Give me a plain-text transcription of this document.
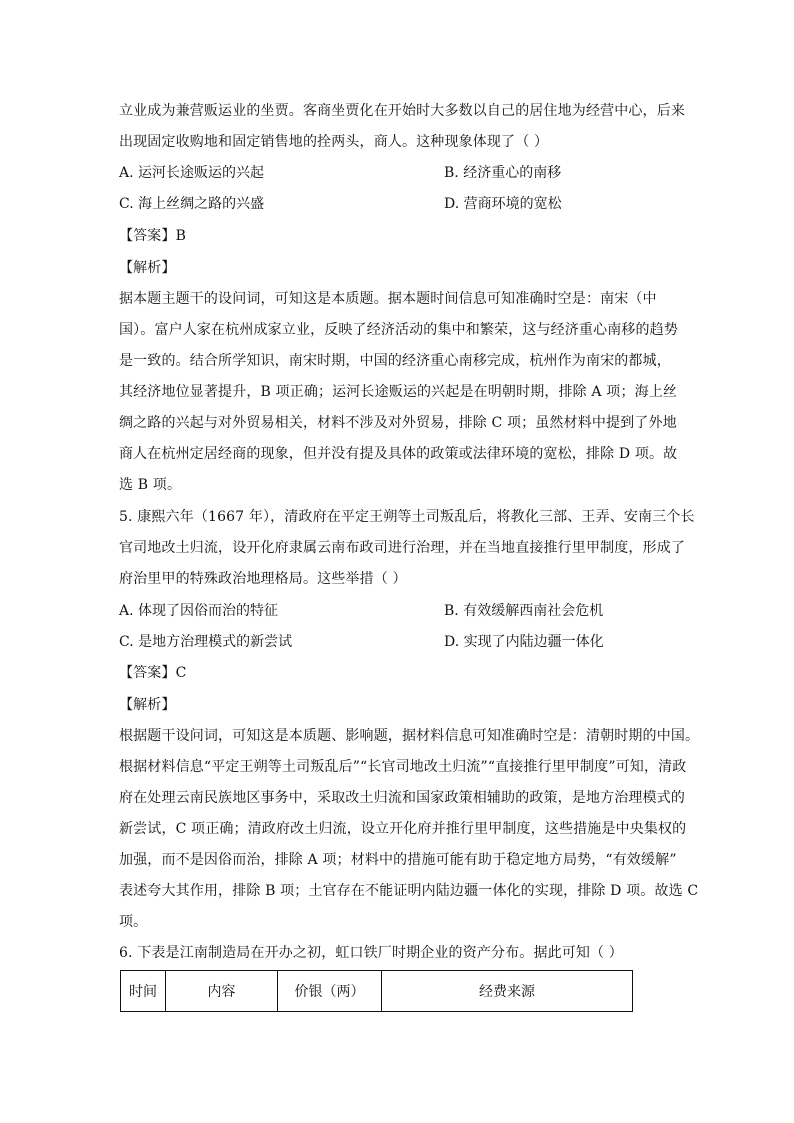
立业成为兼营贩运业的坐贾。客商坐贾化在开始时大多数以自己的居住地为经营中心，后来
出现固定收购地和固定销售地的拴两头，商人。这种现象体现了（ ）
A. 运河长途贩运的兴起	B. 经济重心的南移
C. 海上丝绸之路的兴盛	D. 营商环境的宽松
【答案】B
【解析】
据本题主题干的设问词，可知这是本质题。据本题时间信息可知准确时空是：南宋（中
国）。富户人家在杭州成家立业，反映了经济活动的集中和繁荣，这与经济重心南移的趋势
是一致的。结合所学知识，南宋时期，中国的经济重心南移完成，杭州作为南宋的都城，
其经济地位显著提升，B 项正确；运河长途贩运的兴起是在明朝时期，排除 A 项；海上丝
绸之路的兴起与对外贸易相关，材料不涉及对外贸易，排除 C 项；虽然材料中提到了外地
商人在杭州定居经商的现象，但并没有提及具体的政策或法律环境的宽松，排除 D 项。故
选 B 项。
5. 康熙六年（1667 年），清政府在平定王朔等土司叛乱后，将教化三部、王弄、安南三个长
官司地改土归流，设开化府隶属云南布政司进行治理，并在当地直接推行里甲制度，形成了
府治里甲的特殊政治地理格局。这些举措（ ）
A. 体现了因俗而治的特征	B. 有效缓解西南社会危机
C. 是地方治理模式的新尝试	D. 实现了内陆边疆一体化
【答案】C
【解析】
根据题干设问词，可知这是本质题、影响题，据材料信息可知准确时空是：清朝时期的中国。
根据材料信息“平定王朔等土司叛乱后”“长官司地改土归流”“直接推行里甲制度”可知，清政
府在处理云南民族地区事务中，采取改土归流和国家政策相辅助的政策，是地方治理模式的
新尝试，C 项正确；清政府改土归流，设立开化府并推行里甲制度，这些措施是中央集权的
加强，而不是因俗而治，排除 A 项；材料中的措施可能有助于稳定地方局势，“有效缓解”
表述夸大其作用，排除 B 项；土官存在不能证明内陆边疆一体化的实现，排除 D 项。故选 C
项。
6. 下表是江南制造局在开办之初，虹口铁厂时期企业的资产分布。据此可知（ ）
时间	内容	价银（两）	经费来源
